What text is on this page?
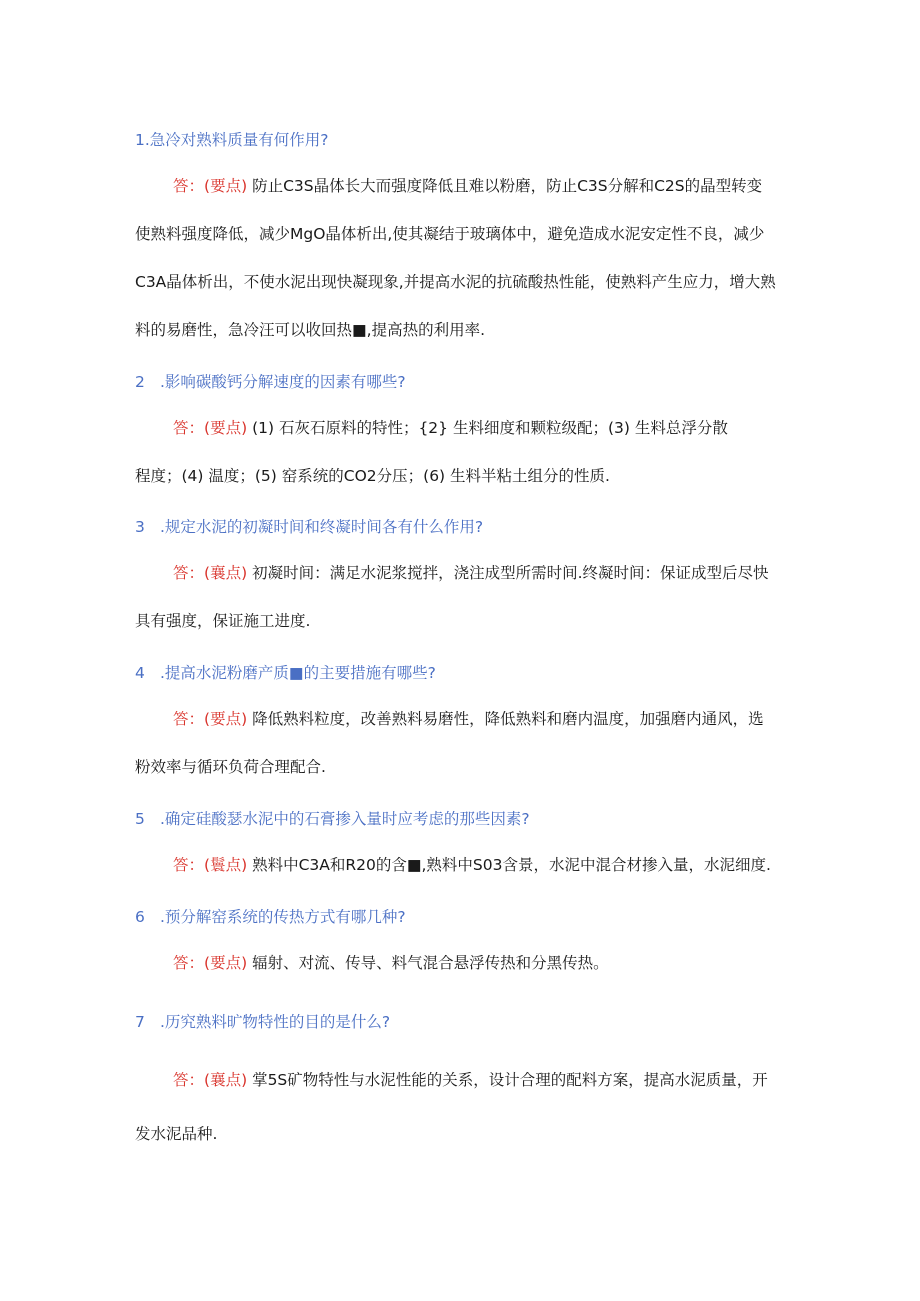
1.急冷对熟料质量有何作用?
答：(要点) 防止C3S晶体长大而强度降低且难以粉磨，防止C3S分解和C2S的晶型转变
使熟料强度降低，减少MgO晶体析出,使其凝结于玻璃体中，避免造成水泥安定性不良，减少
C3A晶体析出，不使水泥出现快凝现象,并提高水泥的抗硫酸热性能，使熟料产生应力，增大熟
料的易磨性，急冷汪可以收回热■,提高热的利用率.
2 .影响碳酸钙分解速度的因素有哪些?
答：(要点) (1) 石灰石原料的特性；{2} 生料细度和颗粒级配；(3) 生料总浮分散
程度；(4) 温度；(5) 窑系统的CO2分压；(6) 生料半粘土组分的性质.
3 .规定水泥的初凝时间和终凝时间各有什么作用?
答：(襄点) 初凝时间：满足水泥浆搅拌，浇注成型所需时间.终凝时间：保证成型后尽快
具有强度，保证施工进度.
4 .提高水泥粉磨产质■的主要措施有哪些?
答：(要点) 降低熟料粒度，改善熟料易磨性，降低熟料和磨内温度，加强磨内通风，选
粉效率与循环负荷合理配合.
5 .确定硅酸瑟水泥中的石膏掺入量时应考虑的那些因素?
答：(鬟点) 熟料中C3A和R20的含■,熟料中S03含景，水泥中混合材掺入量，水泥细度.
6 .预分解窑系统的传热方式有哪几种?
答：(要点) 辐射、对流、传导、料气混合悬浮传热和分黑传热。
7 .历究熟料旷物特性的目的是什么?
答：(襄点) 掌5S矿物特性与水泥性能的关系，设计合理的配料方案，提高水泥质量，开
发水泥品种.
